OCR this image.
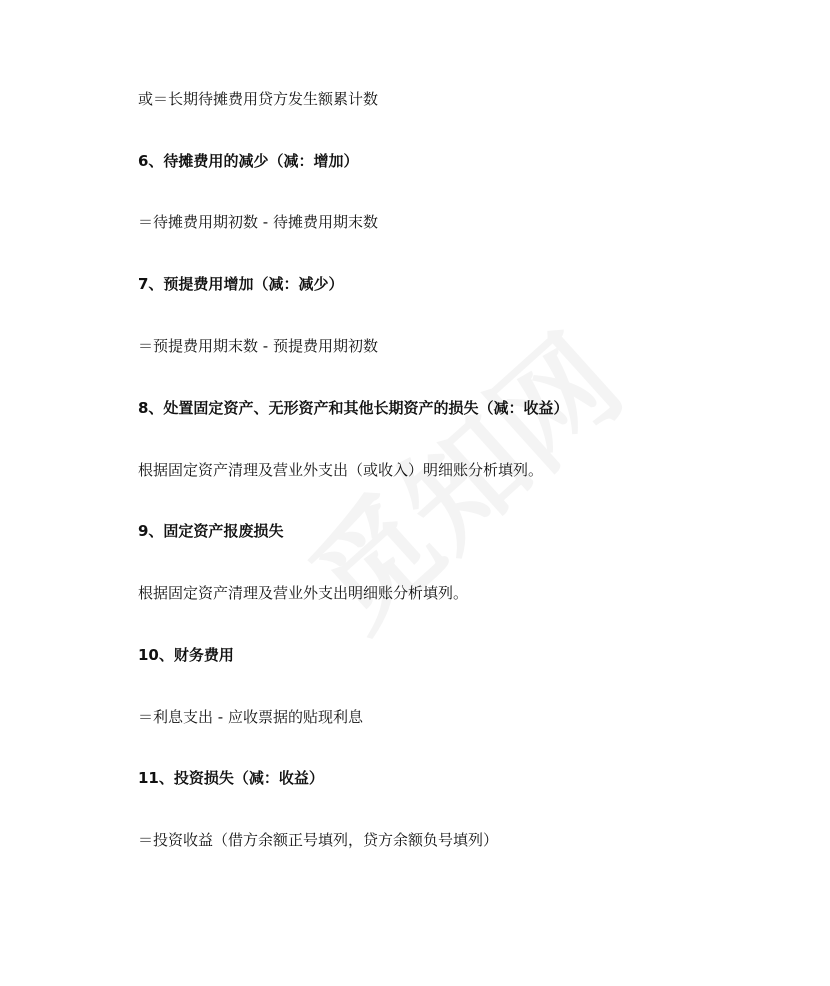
或＝长期待摊费用贷方发生额累计数
6、待摊费用的减少（减：增加）
＝待摊费用期初数 - 待摊费用期末数
7、预提费用增加（减：减少）
＝预提费用期末数 - 预提费用期初数
8、处置固定资产、无形资产和其他长期资产的损失（减：收益）
根据固定资产清理及营业外支出（或收入）明细账分析填列。
9、固定资产报废损失
根据固定资产清理及营业外支出明细账分析填列。
10、财务费用
＝利息支出 - 应收票据的贴现利息
11、投资损失（减：收益）
＝投资收益（借方余额正号填列，贷方余额负号填列）
